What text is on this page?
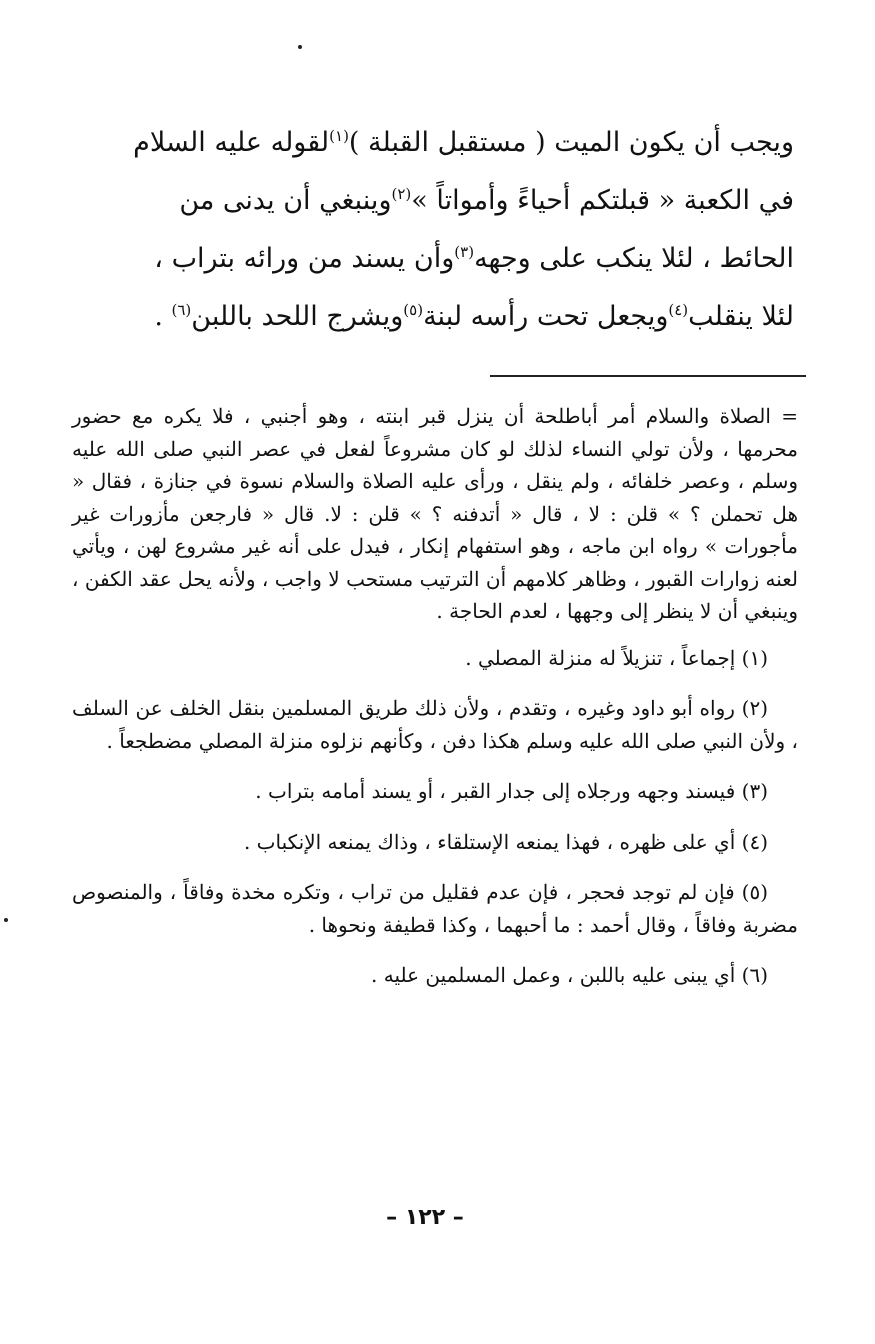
ويجب أن يكون الميت ( مستقبل القبلة )$^{(١)}$لقوله عليه السلام

في الكعبة « قبلتكم أحياءً وأمواتاً »$^{(٢)}$وينبغي أن يدنى من

الحائط ، لئلا ينكب على وجهه$^{(٣)}$وأن يسند من ورائه بتراب ،

لئلا ينقلب$^{(٤)}$ويجعل تحت رأسه لبنة$^{(٥)}$ويشرج اللحد باللبن$^{(٦)}$ .

= الصلاة والسلام أمر أباطلحة أن ينزل قبر ابنته ، وهو أجنبي ، فلا يكره مع حضور محرمها ، ولأن تولي النساء لذلك لو كان مشروعاً لفعل في عصر النبي صلى الله عليه وسلم ، وعصر خلفائه ، ولم ينقل ، ورأى عليه الصلاة والسلام نسوة في جنازة ، فقال « هل تحملن ؟ » قلن : لا ، قال « أتدفنه ؟ » قلن : لا. قال « فارجعن مأزورات غير مأجورات » رواه ابن ماجه ، وهو استفهام إنكار ، فيدل على أنه غير مشروع لهن ، ويأتي لعنه زوارات القبور ، وظاهر كلامهم أن الترتيب مستحب لا واجب ، ولأنه يحل عقد الكفن ، وينبغي أن لا ينظر إلى وجهها ، لعدم الحاجة .

(١) إجماعاً ، تنزيلاً له منزلة المصلي .

(٢) رواه أبو داود وغيره ، وتقدم ، ولأن ذلك طريق المسلمين بنقل الخلف عن السلف ، ولأن النبي صلى الله عليه وسلم هكذا دفن ، وكأنهم نزلوه منزلة المصلي مضطجعاً .

(٣) فيسند وجهه ورجلاه إلى جدار القبر ، أو يسند أمامه بتراب .

(٤) أي على ظهره ، فهذا يمنعه الإستلقاء ، وذاك يمنعه الإنكباب .

(٥) فإن لم توجد فحجر ، فإن عدم فقليل من تراب ، وتكره مخدة وفاقاً ، والمنصوص مضربة وفاقاً ، وقال أحمد : ما أحبهما ، وكذا قطيفة ونحوها .

(٦) أي يبنى عليه باللبن ، وعمل المسلمين عليه .

– ١٢٢ –
